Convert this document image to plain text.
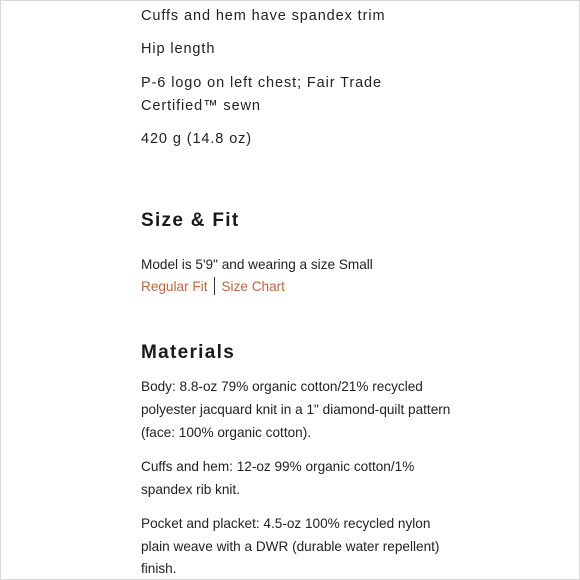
Cuffs and hem have spandex trim
Hip length
P-6 logo on left chest; Fair Trade
Certified™ sewn
420 g (14.8 oz)
Size & Fit
Model is 5'9" and wearing a size Small
Regular Fit Size Chart
Materials
Body: 8.8-oz 79% organic cotton/21% recycled
polyester jacquard knit in a 1" diamond-quilt pattern
(face: 100% organic cotton).
Cuffs and hem: 12-oz 99% organic cotton/1%
spandex rib knit.
Pocket and placket: 4.5-oz 100% recycled nylon
plain weave with a DWR (durable water repellent)
finish.
